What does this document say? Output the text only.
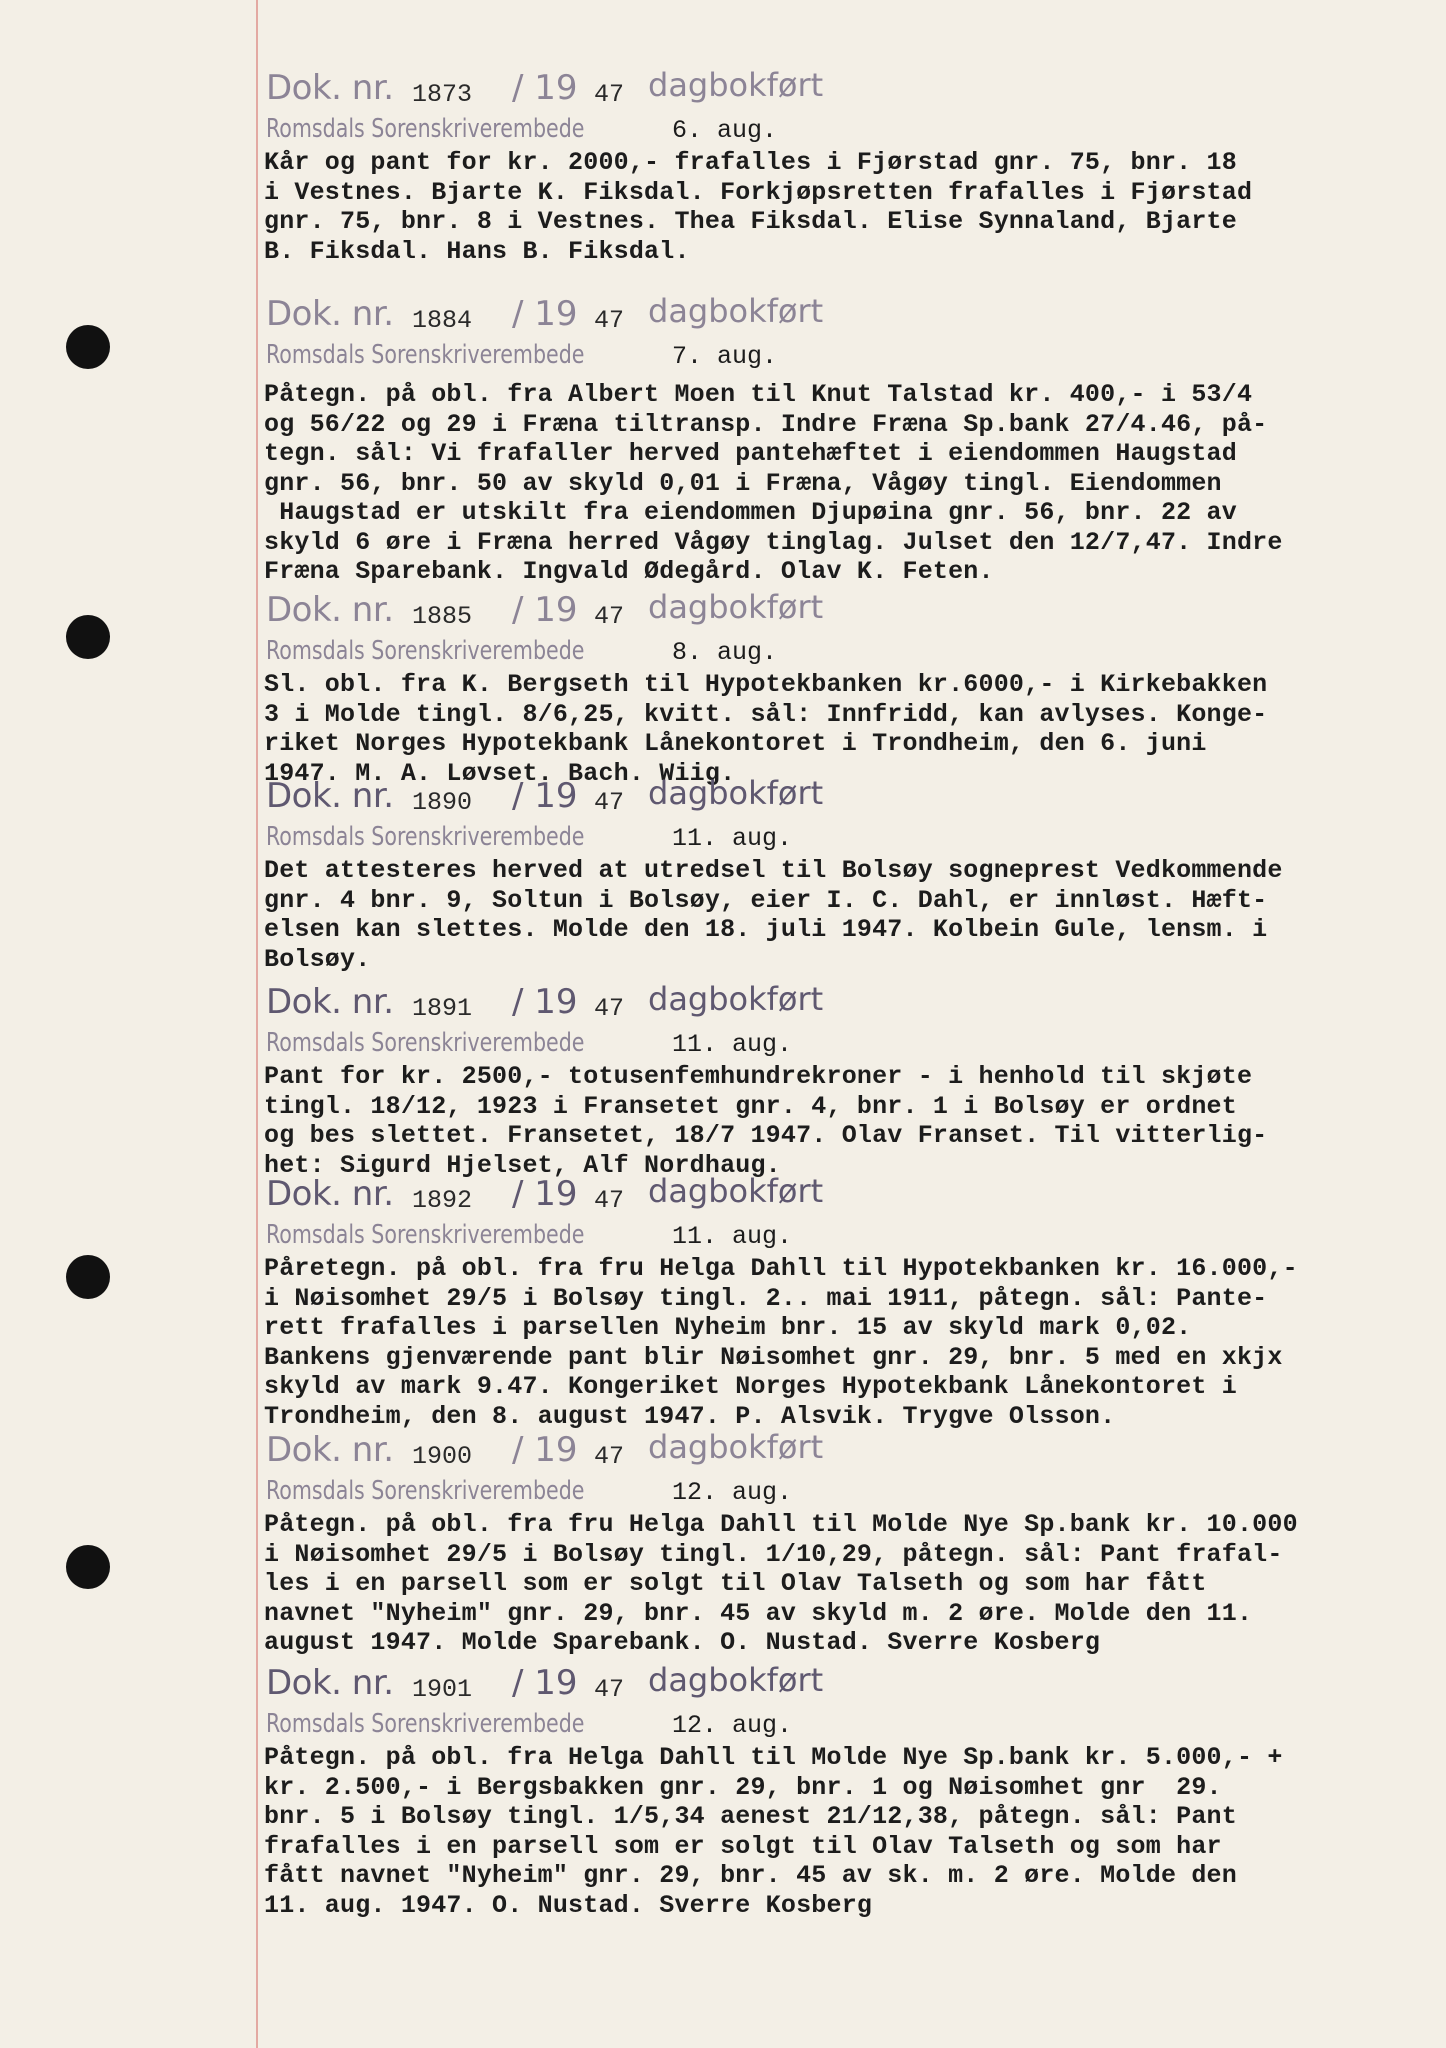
Dok. nr. 1873 / 19 47 dagbokført
Romsdals Sorenskriverembede	6. aug.
Kår og pant for kr. 2000,- frafalles i Fjørstad gnr. 75, bnr. 18
i Vestnes. Bjarte K. Fiksdal. Forkjøpsretten frafalles i Fjørstad
gnr. 75, bnr. 8 i Vestnes. Thea Fiksdal. Elise Synnaland, Bjarte
B. Fiksdal. Hans B. Fiksdal.
Dok. nr. 1884 / 19 47 dagbokført
Romsdals Sorenskriverembede	7. aug.
Påtegn. på obl. fra Albert Moen til Knut Talstad kr. 400,- i 53/4
og 56/22 og 29 i Fræna tiltransp. Indre Fræna Sp.bank 27/4.46, på-
tegn. sål: Vi frafaller herved pantehæftet i eiendommen Haugstad
gnr. 56, bnr. 50 av skyld 0,01 i Fræna, Vågøy tingl. Eiendommen
Haugstad er utskilt fra eiendommen Djupøina gnr. 56, bnr. 22 av
skyld 6 øre i Fræna herred Vågøy tinglag. Julset den 12/7,47. Indre
Fræna Sparebank. Ingvald Ødegård. Olav K. Feten.
Dok. nr. 1885 / 19 47 dagbokført
Romsdals Sorenskriverembede	8. aug.
Sl. obl. fra K. Bergseth til Hypotekbanken kr.6000,- i Kirkebakken
3 i Molde tingl. 8/6,25, kvitt. sål: Innfridd, kan avlyses. Konge-
riket Norges Hypotekbank Lånekontoret i Trondheim, den 6. juni
1947. M. A. Løvset. Bach. Wiig.
Dok. nr. 1890 / 19 47 dagbokført
Romsdals Sorenskriverembede	11. aug.
Det attesteres herved at utredsel til Bolsøy sogneprest Vedkommende
gnr. 4 bnr. 9, Soltun i Bolsøy, eier I. C. Dahl, er innløst. Hæft-
elsen kan slettes. Molde den 18. juli 1947. Kolbein Gule, lensm. i
Bolsøy.
Dok. nr. 1891 / 19 47 dagbokført
Romsdals Sorenskriverembede	11. aug.
Pant for kr. 2500,- totusenfemhundrekroner - i henhold til skjøte
tingl. 18/12, 1923 i Fransetet gnr. 4, bnr. 1 i Bolsøy er ordnet
og bes slettet. Fransetet, 18/7 1947. Olav Franset. Til vitterlig-
het: Sigurd Hjelset, Alf Nordhaug.
Dok. nr. 1892 / 19 47 dagbokført
Romsdals Sorenskriverembede	11. aug.
Påretegn. på obl. fra fru Helga Dahll til Hypotekbanken kr. 16.000,-
i Nøisomhet 29/5 i Bolsøy tingl. 2.. mai 1911, påtegn. sål: Pante-
rett frafalles i parsellen Nyheim bnr. 15 av skyld mark 0,02.
Bankens gjenværende pant blir Nøisomhet gnr. 29, bnr. 5 med en xkjx
skyld av mark 9.47. Kongeriket Norges Hypotekbank Lånekontoret i
Trondheim, den 8. august 1947. P. Alsvik. Trygve Olsson.
Dok. nr. 1900 / 19 47 dagbokført
Romsdals Sorenskriverembede	12. aug.
Påtegn. på obl. fra fru Helga Dahll til Molde Nye Sp.bank kr. 10.000
i Nøisomhet 29/5 i Bolsøy tingl. 1/10,29, påtegn. sål: Pant frafal-
les i en parsell som er solgt til Olav Talseth og som har fått
navnet "Nyheim" gnr. 29, bnr. 45 av skyld m. 2 øre. Molde den 11.
august 1947. Molde Sparebank. O. Nustad. Sverre Kosberg
Dok. nr. 1901 / 19 47 dagbokført
Romsdals Sorenskriverembede	12. aug.
Påtegn. på obl. fra Helga Dahll til Molde Nye Sp.bank kr. 5.000,- +
kr. 2.500,- i Bergsbakken gnr. 29, bnr. 1 og Nøisomhet gnr  29.
bnr. 5 i Bolsøy tingl. 1/5,34 aenest 21/12,38, påtegn. sål: Pant
frafalles i en parsell som er solgt til Olav Talseth og som har
fått navnet "Nyheim" gnr. 29, bnr. 45 av sk. m. 2 øre. Molde den
11. aug. 1947. O. Nustad. Sverre Kosberg
